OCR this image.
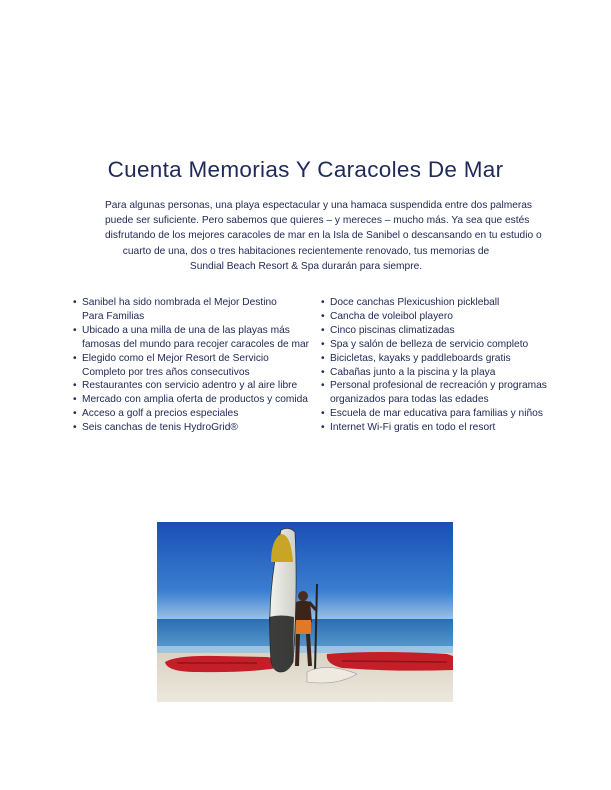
Cuenta Memorias Y Caracoles De Mar

Para algunas personas, una playa espectacular y una hamaca suspendida entre dos palmeras
puede ser suficiente. Pero sabemos que quieres – y mereces – mucho más. Ya sea que estés
disfrutando de los mejores caracoles de mar en la Isla de Sanibel o descansando en tu estudio o
cuarto de una, dos o tres habitaciones recientemente renovado, tus memorias de
Sundial Beach Resort & Spa durarán para siempre.

• Sanibel ha sido nombrada el Mejor Destino
Para Familias
• Ubicado a una milla de una de las playas más
famosas del mundo para recojer caracoles de mar
• Elegido como el Mejor Resort de Servicio
Completo por tres años consecutivos
• Restaurantes con servicio adentro y al aire libre
• Mercado con amplia oferta de productos y comida
• Acceso a golf a precios especiales
• Seis canchas de tenis HydroGrid®
• Doce canchas Plexicushion pickleball
• Cancha de voleibol playero
• Cinco piscinas climatizadas
• Spa y salón de belleza de servicio completo
• Bicicletas, kayaks y paddleboards gratis
• Cabañas junto a la piscina y la playa
• Personal profesional de recreación y programas
organizados para todas las edades
• Escuela de mar educativa para familias y niños
• Internet Wi-Fi gratis en todo el resort
